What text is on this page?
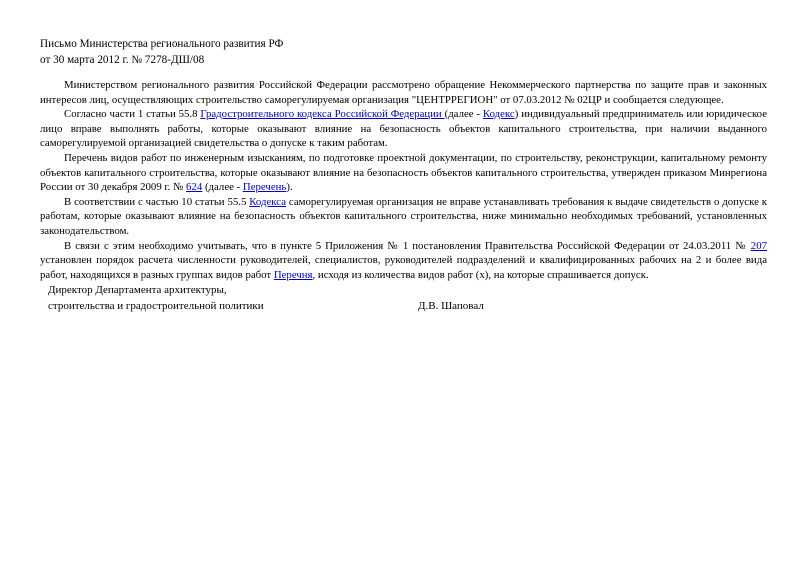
Письмо Министерства регионального развития РФ

от 30 марта 2012 г. № 7278-ДШ/08

Министерством регионального развития Российской Федерации рассмотрено обращение Некоммерческого партнерства по защите прав и законных интересов лиц, осуществляющих строительство саморегулируемая организация "ЦЕНТРРЕГИОН" от 07.03.2012 № 02ЦР и сообщается следующее.

Согласно части 1 статьи 55.8 Градостроительного кодекса Российской Федерации (далее - Кодекс) индивидуальный предприниматель или юридическое лицо вправе выполнять работы, которые оказывают влияние на безопасность объектов капитального строительства, при наличии выданного саморегулируемой организацией свидетельства о допуске к таким работам.

Перечень видов работ по инженерным изысканиям, по подготовке проектной документации, по строительству, реконструкции, капитальному ремонту объектов капитального строительства, которые оказывают влияние на безопасность объектов капитального строительства, утвержден приказом Минрегиона России от 30 декабря 2009 г. № 624 (далее - Перечень).

В соответствии с частью 10 статьи 55.5 Кодекса саморегулируемая организация не вправе устанавливать требования к выдаче свидетельств о допуске к работам, которые оказывают влияние на безопасность объектов капитального строительства, ниже минимально необходимых требований, установленных законодательством.

В связи с этим необходимо учитывать, что в пункте 5 Приложения № 1 постановления Правительства Российской Федерации от 24.03.2011 № 207 установлен порядок расчета численности руководителей, специалистов, руководителей подразделений и квалифицированных рабочих на 2 и более вида работ, находящихся в разных группах видов работ Перечня, исходя из количества видов работ (х), на которые спрашивается допуск.

Директор Департамента архитектуры,
строительства и градостроительной политики	Д.В. Шаповал
